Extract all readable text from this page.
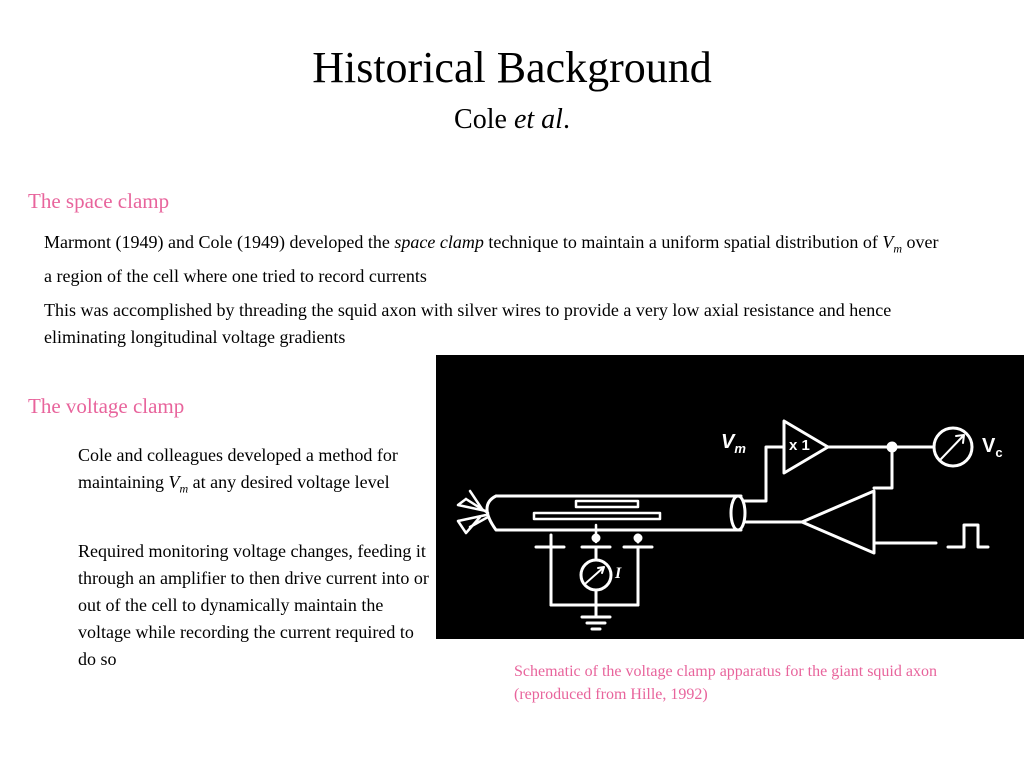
Historical Background
Cole et al.
The space clamp

Marmont (1949) and Cole (1949) developed the space clamp technique to maintain a uniform spatial distribution of $V_m$ over a region of the cell where one tried to record currents

This was accomplished by threading the squid axon with silver wires to provide a very low axial resistance and hence eliminating longitudinal voltage gradients

The voltage clamp

Cole and colleagues developed a method for maintaining $V_m$ at any desired voltage level

Required monitoring voltage changes, feeding it through an amplifier to then drive current into or out of the cell to dynamically maintain the voltage while recording the current required to do so

$V_m$	x 1	$V_c$
FBA
I

Schematic of the voltage clamp apparatus for the giant squid axon (reproduced from Hille, 1992)
